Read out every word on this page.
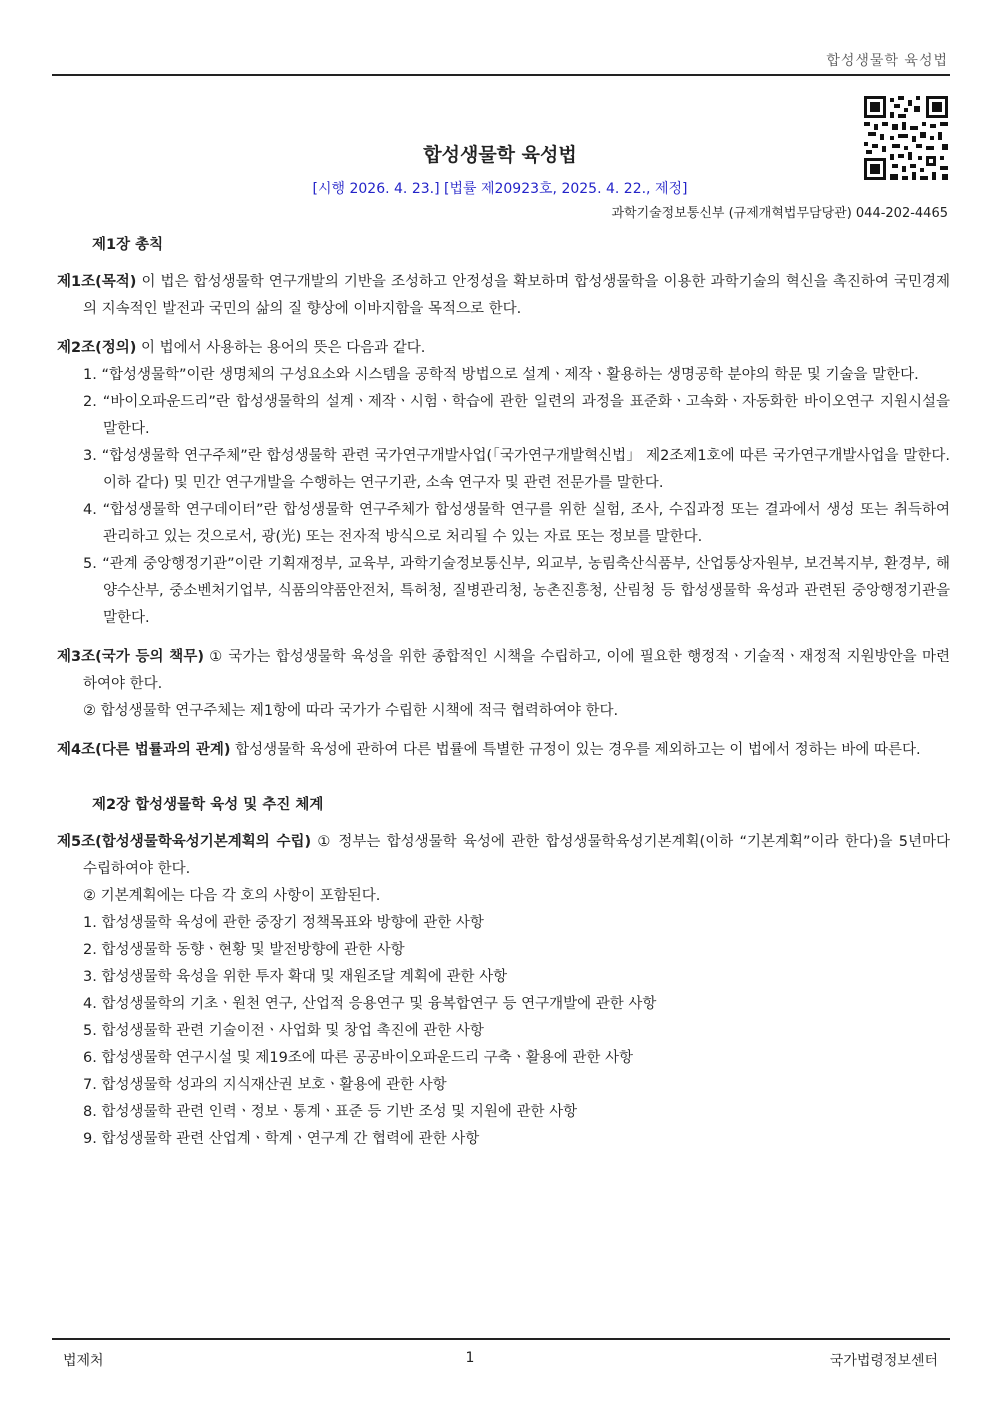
합성생물학 육성법
합성생물학 육성법
[시행 2026. 4. 23.] [법률 제20923호, 2025. 4. 22., 제정]
과학기술정보통신부 (규제개혁법무담당관) 044-202-4465
제1장 총칙

제1조(목적) 이 법은 합성생물학 연구개발의 기반을 조성하고 안정성을 확보하며 합성생물학을 이용한 과학기술의 혁신을 촉진하여 국민경제의 지속적인 발전과 국민의 삶의 질 향상에 이바지함을 목적으로 한다.

제2조(정의) 이 법에서 사용하는 용어의 뜻은 다음과 같다.

1. “합성생물학”이란 생명체의 구성요소와 시스템을 공학적 방법으로 설계ㆍ제작ㆍ활용하는 생명공학 분야의 학문 및 기술을 말한다.

2. “바이오파운드리”란 합성생물학의 설계ㆍ제작ㆍ시험ㆍ학습에 관한 일련의 과정을 표준화ㆍ고속화ㆍ자동화한 바이오연구 지원시설을 말한다.

3. “합성생물학 연구주체”란 합성생물학 관련 국가연구개발사업(「국가연구개발혁신법」 제2조제1호에 따른 국가연구개발사업을 말한다. 이하 같다) 및 민간 연구개발을 수행하는 연구기관, 소속 연구자 및 관련 전문가를 말한다.

4. “합성생물학 연구데이터”란 합성생물학 연구주체가 합성생물학 연구를 위한 실험, 조사, 수집과정 또는 결과에서 생성 또는 취득하여 관리하고 있는 것으로서, 광(光) 또는 전자적 방식으로 처리될 수 있는 자료 또는 정보를 말한다.

5. “관계 중앙행정기관”이란 기획재정부, 교육부, 과학기술정보통신부, 외교부, 농림축산식품부, 산업통상자원부, 보건복지부, 환경부, 해양수산부, 중소벤처기업부, 식품의약품안전처, 특허청, 질병관리청, 농촌진흥청, 산림청 등 합성생물학 육성과 관련된 중앙행정기관을 말한다.

제3조(국가 등의 책무) ① 국가는 합성생물학 육성을 위한 종합적인 시책을 수립하고, 이에 필요한 행정적ㆍ기술적ㆍ재정적 지원방안을 마련하여야 한다.

② 합성생물학 연구주체는 제1항에 따라 국가가 수립한 시책에 적극 협력하여야 한다.

제4조(다른 법률과의 관계) 합성생물학 육성에 관하여 다른 법률에 특별한 규정이 있는 경우를 제외하고는 이 법에서 정하는 바에 따른다.

제2장 합성생물학 육성 및 추진 체계

제5조(합성생물학육성기본계획의 수립) ① 정부는 합성생물학 육성에 관한 합성생물학육성기본계획(이하 “기본계획”이라 한다)을 5년마다 수립하여야 한다.

② 기본계획에는 다음 각 호의 사항이 포함된다.

1. 합성생물학 육성에 관한 중장기 정책목표와 방향에 관한 사항

2. 합성생물학 동향ㆍ현황 및 발전방향에 관한 사항

3. 합성생물학 육성을 위한 투자 확대 및 재원조달 계획에 관한 사항

4. 합성생물학의 기초ㆍ원천 연구, 산업적 응용연구 및 융복합연구 등 연구개발에 관한 사항

5. 합성생물학 관련 기술이전ㆍ사업화 및 창업 촉진에 관한 사항

6. 합성생물학 연구시설 및 제19조에 따른 공공바이오파운드리 구축ㆍ활용에 관한 사항

7. 합성생물학 성과의 지식재산권 보호ㆍ활용에 관한 사항

8. 합성생물학 관련 인력ㆍ정보ㆍ통계ㆍ표준 등 기반 조성 및 지원에 관한 사항

9. 합성생물학 관련 산업계ㆍ학계ㆍ연구계 간 협력에 관한 사항

법제처	1	국가법령정보센터
